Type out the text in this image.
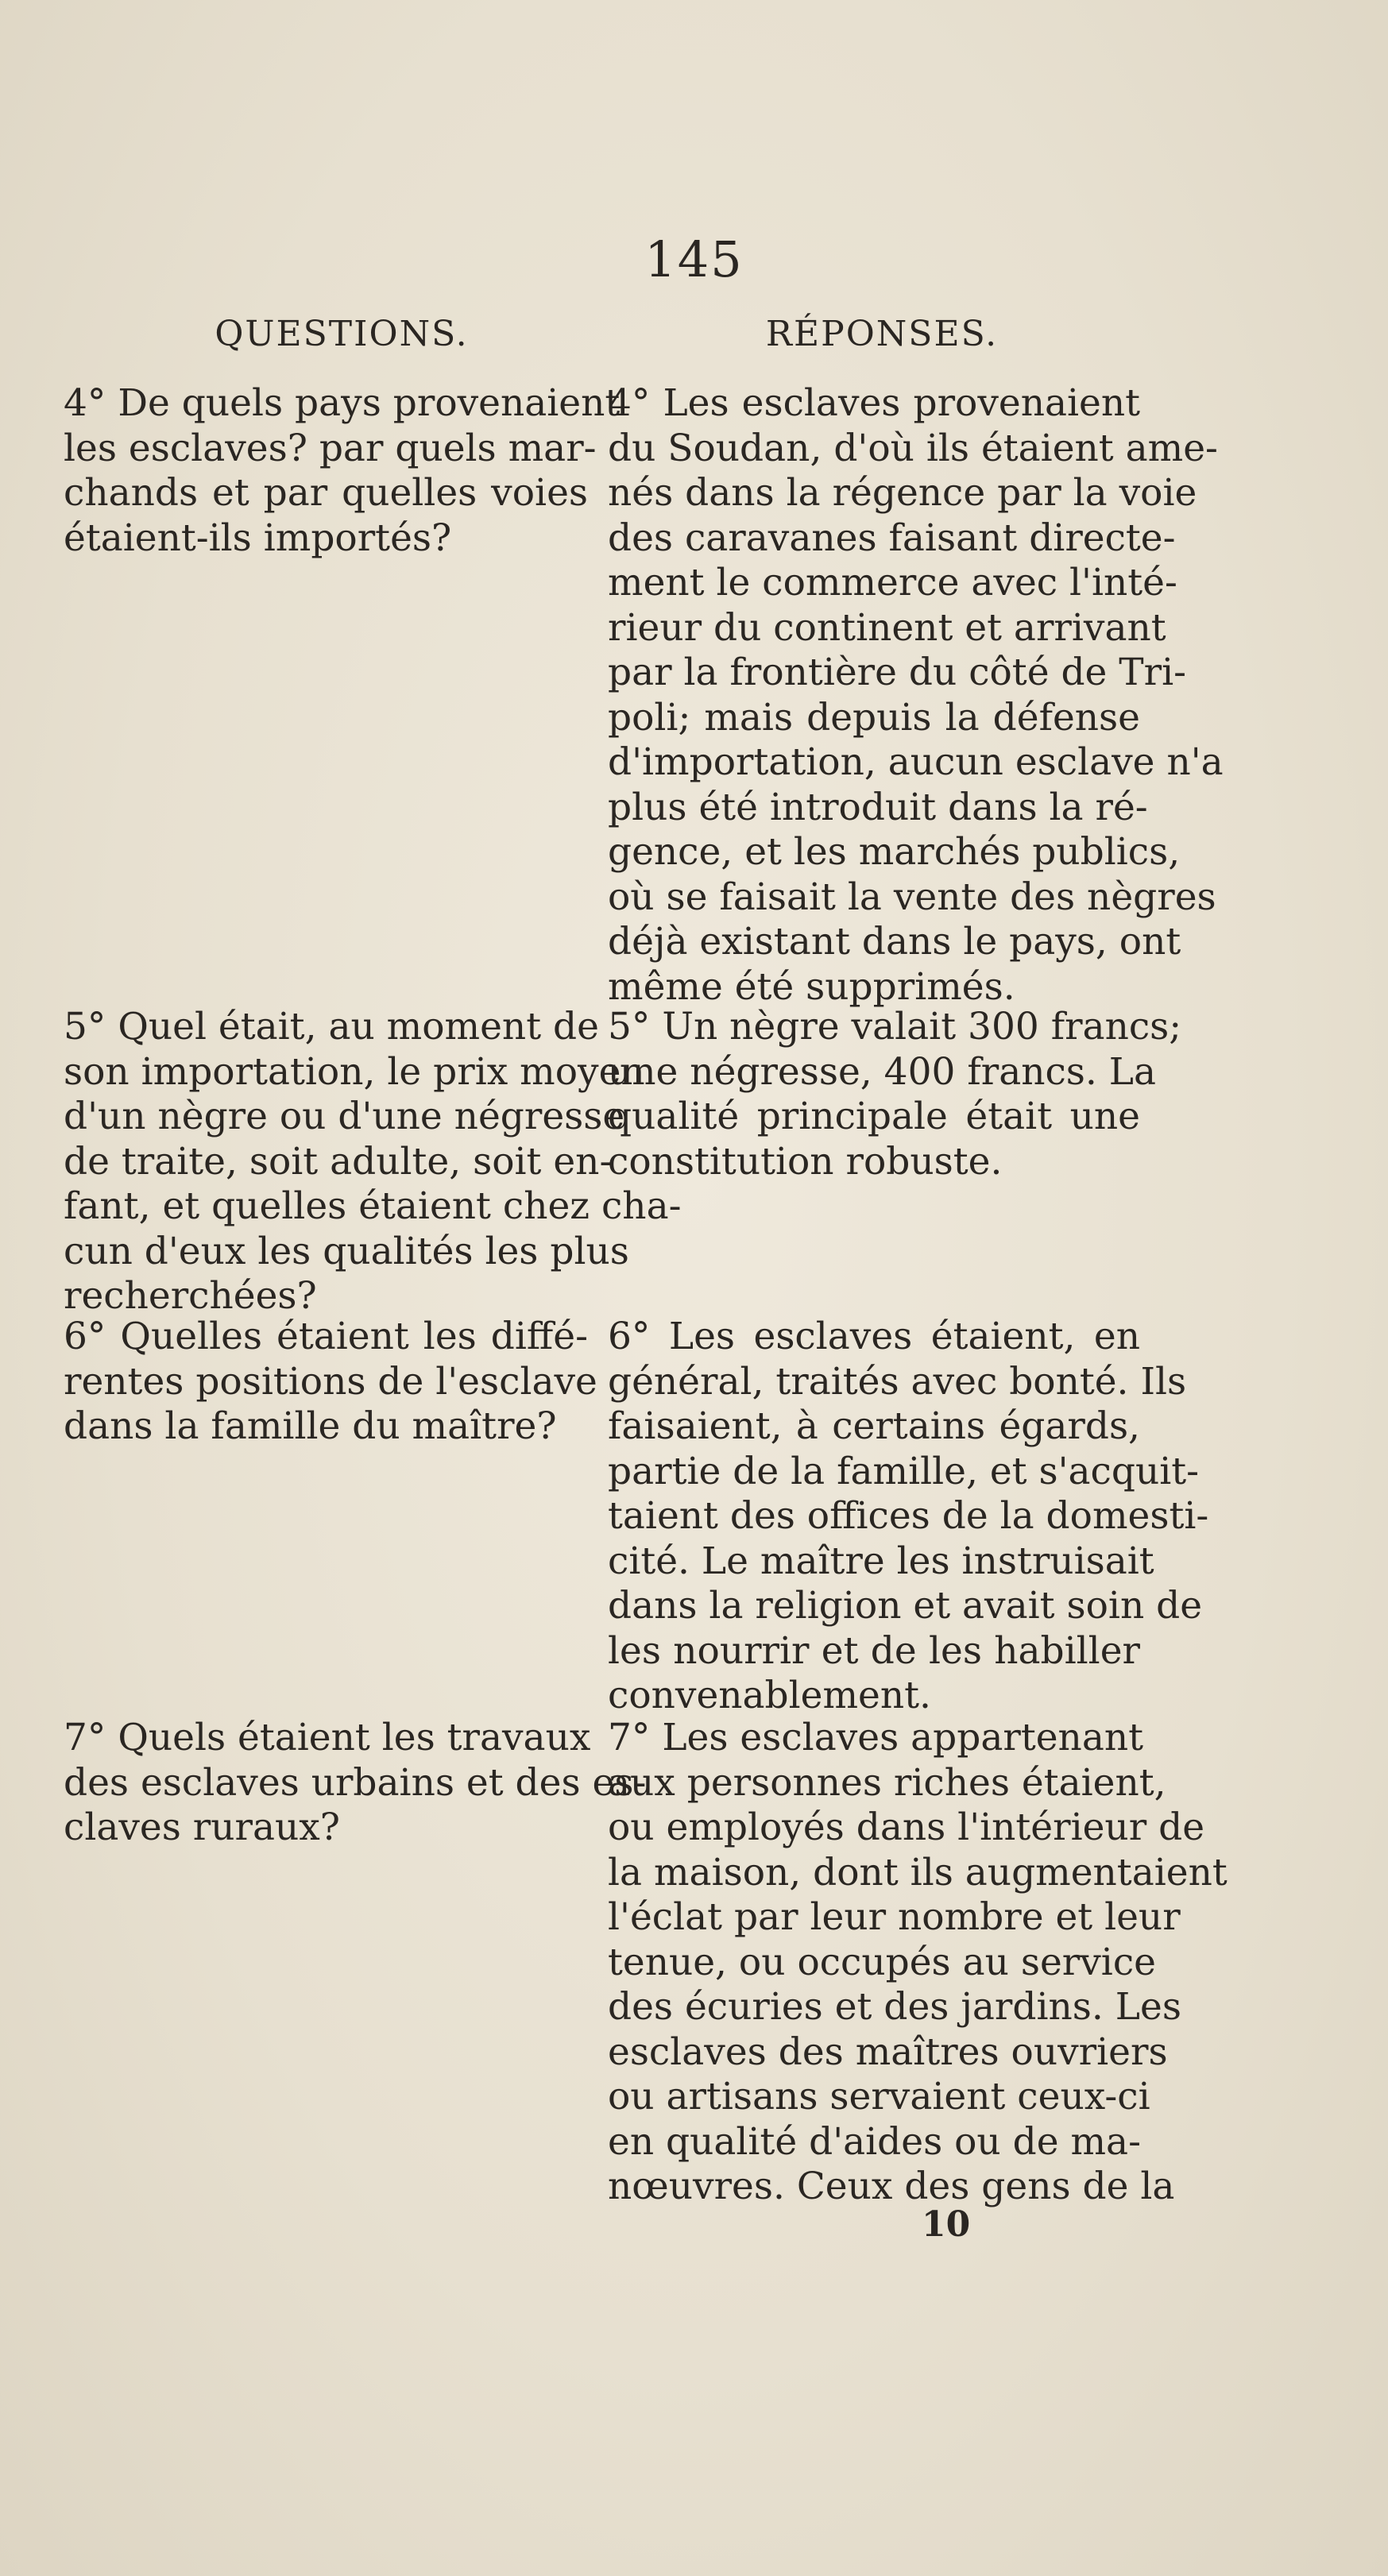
145
QUESTIONS.	RÉPONSES.
4° De quels pays provenaient
les esclaves? par quels mar-
chands et par quelles voies
étaient-ils importés?
4° Les esclaves provenaient
du Soudan, d'où ils étaient ame-
nés dans la régence par la voie
des caravanes faisant directe-
ment le commerce avec l'inté-
rieur du continent et arrivant
par la frontière du côté de Tri-
poli; mais depuis la défense
d'importation, aucun esclave n'a
plus été introduit dans la ré-
gence, et les marchés publics,
où se faisait la vente des nègres
déjà existant dans le pays, ont
même été supprimés.
5° Quel était, au moment de
son importation, le prix moyen
d'un nègre ou d'une négresse
de traite, soit adulte, soit en-
fant, et quelles étaient chez cha-
cun d'eux les qualités les plus
recherchées?
5° Un nègre valait 300 francs;
une négresse, 400 francs. La
qualité principale était une
constitution robuste.
6° Quelles étaient les diffé-
rentes positions de l'esclave
dans la famille du maître?
6° Les esclaves étaient, en
général, traités avec bonté. Ils
faisaient, à certains égards,
partie de la famille, et s'acquit-
taient des offices de la domesti-
cité. Le maître les instruisait
dans la religion et avait soin de
les nourrir et de les habiller
convenablement.
7° Quels étaient les travaux
des esclaves urbains et des es-
claves ruraux?
7° Les esclaves appartenant
aux personnes riches étaient,
ou employés dans l'intérieur de
la maison, dont ils augmentaient
l'éclat par leur nombre et leur
tenue, ou occupés au service
des écuries et des jardins. Les
esclaves des maîtres ouvriers
ou artisans servaient ceux-ci
en qualité d'aides ou de ma-
nœuvres. Ceux des gens de la
10
